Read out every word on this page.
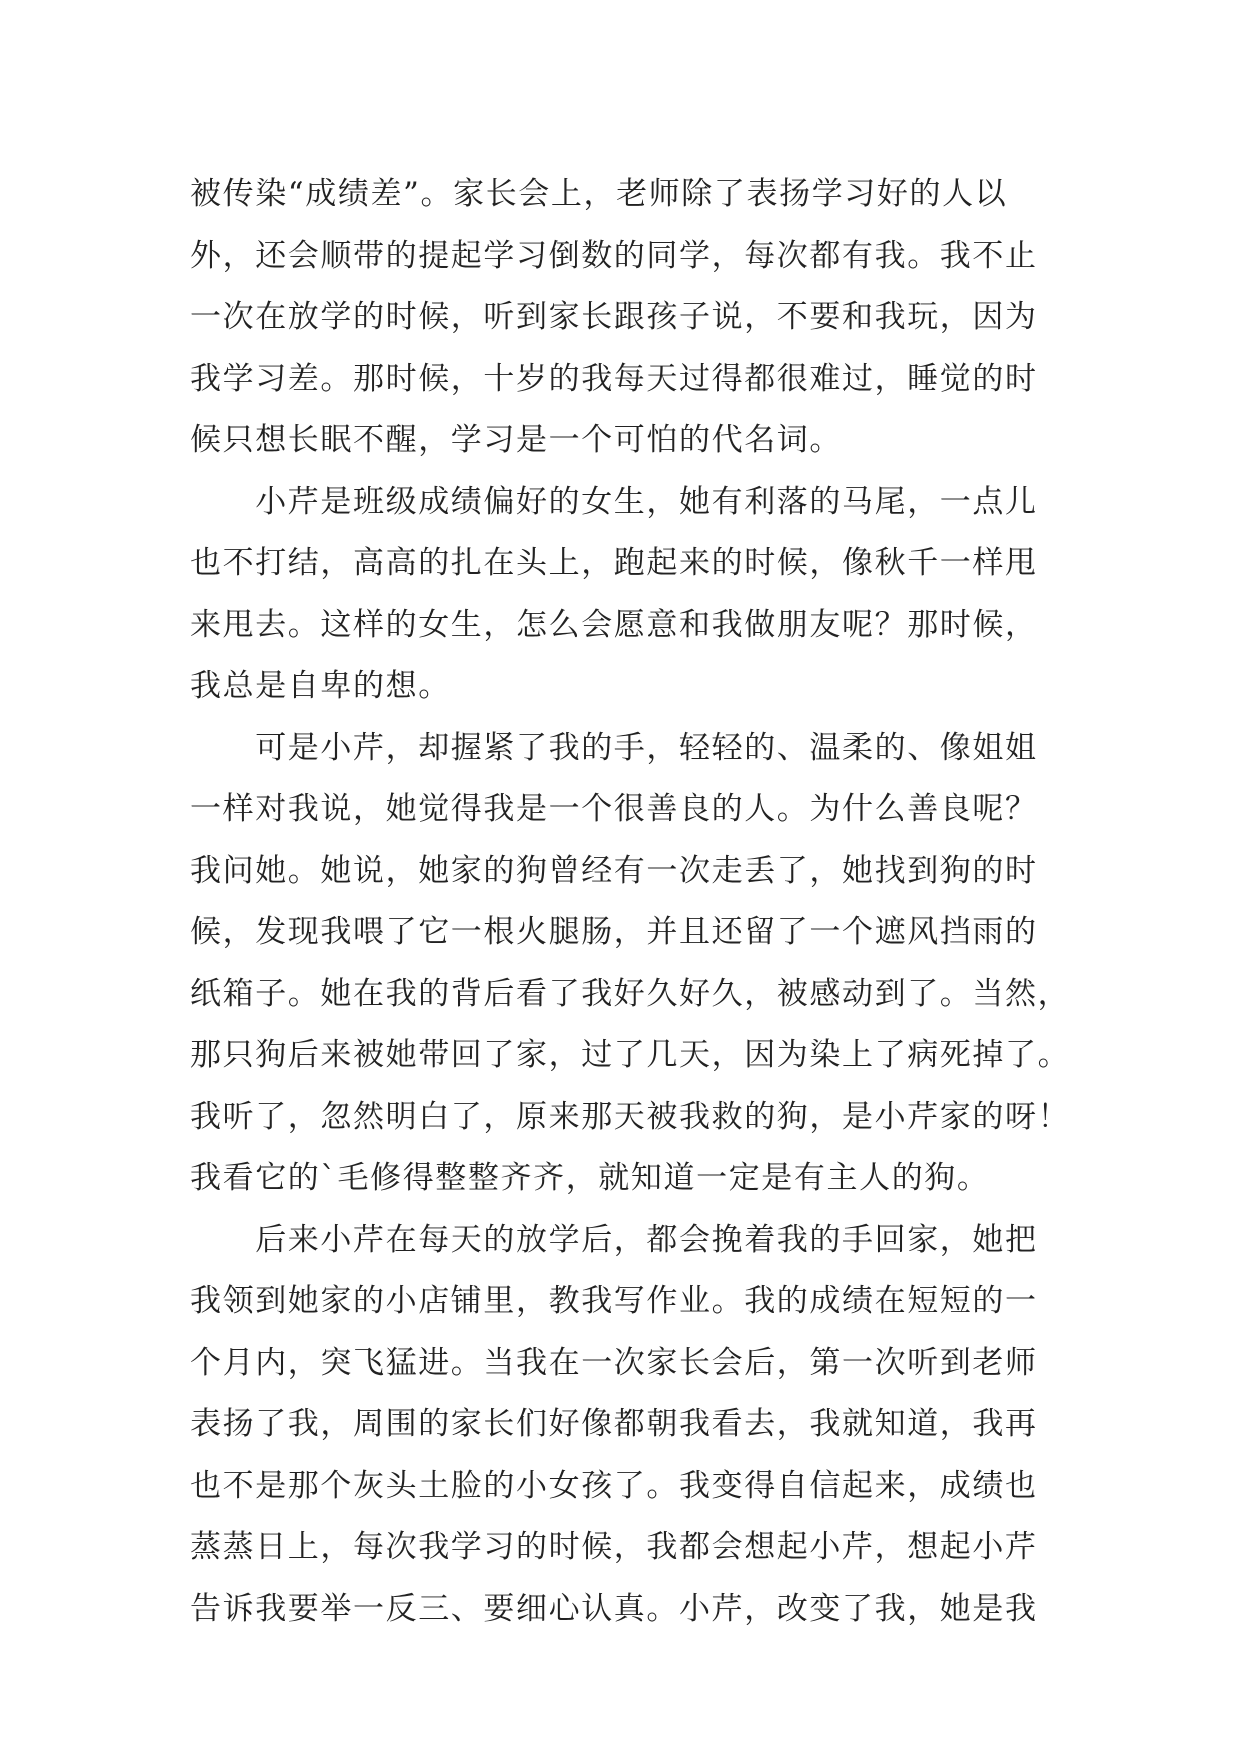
被传染“成绩差”。家长会上，老师除了表扬学习好的人以
外，还会顺带的提起学习倒数的同学，每次都有我。我不止
一次在放学的时候，听到家长跟孩子说，不要和我玩，因为
我学习差。那时候，十岁的我每天过得都很难过，睡觉的时
候只想长眠不醒，学习是一个可怕的代名词。
　　小芹是班级成绩偏好的女生，她有利落的马尾，一点儿
也不打结，高高的扎在头上，跑起来的时候，像秋千一样甩
来甩去。这样的女生，怎么会愿意和我做朋友呢？那时候，
我总是自卑的想。
　　可是小芹，却握紧了我的手，轻轻的、温柔的、像姐姐
一样对我说，她觉得我是一个很善良的人。为什么善良呢？
我问她。她说，她家的狗曾经有一次走丢了，她找到狗的时
候，发现我喂了它一根火腿肠，并且还留了一个遮风挡雨的
纸箱子。她在我的背后看了我好久好久，被感动到了。当然，
那只狗后来被她带回了家，过了几天，因为染上了病死掉了。
我听了，忽然明白了，原来那天被我救的狗，是小芹家的呀！
我看它的`毛修得整整齐齐，就知道一定是有主人的狗。
　　后来小芹在每天的放学后，都会挽着我的手回家，她把
我领到她家的小店铺里，教我写作业。我的成绩在短短的一
个月内，突飞猛进。当我在一次家长会后，第一次听到老师
表扬了我，周围的家长们好像都朝我看去，我就知道，我再
也不是那个灰头土脸的小女孩了。我变得自信起来，成绩也
蒸蒸日上，每次我学习的时候，我都会想起小芹，想起小芹
告诉我要举一反三、要细心认真。小芹，改变了我，她是我
